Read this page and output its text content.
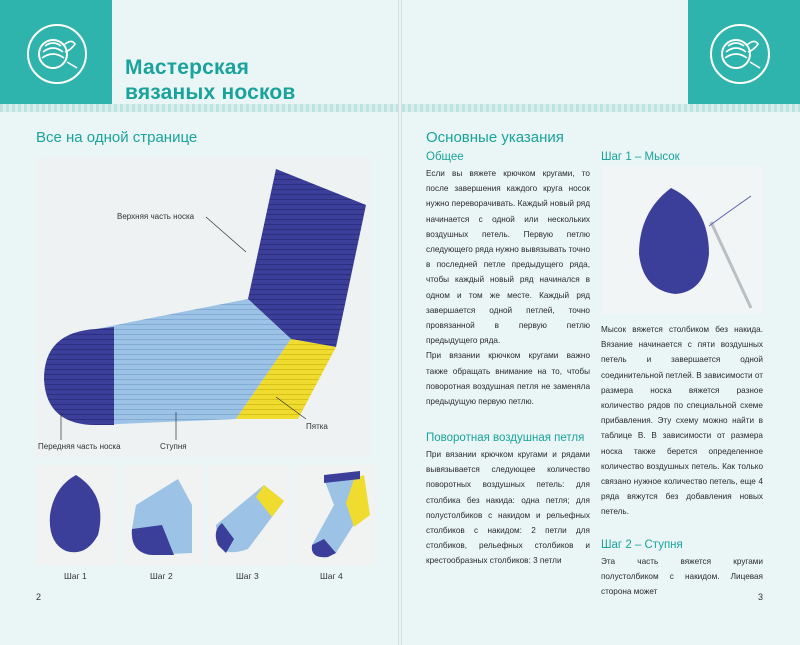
Мастерская
вязаных носков
Все на одной странице
Верхняя часть носка
Передняя часть носка	Ступня
Пятка
Шаг 1	Шаг 2	Шаг 3	Шаг 4
2
Основные указания
Общее

Если вы вяжете крючком кругами, то после завершения каждого круга носок нужно переворачивать. Каждый новый ряд начинается с одной или нескольких воздушных петель. Первую петлю следующего ряда нужно вывязывать точно в последней петле предыдущего ряда, чтобы каждый новый ряд начинался в одном и том же месте. Каждый ряд завершается одной петлей, точно провязанной в первую петлю предыдущего ряда.

При вязании крючком кругами важно также обращать внимание на то, чтобы поворотная воздушная петля не заменяла предыдущую первую петлю.

Поворотная воздушная петля
При вязании крючком кругами и рядами вывязывается следующее количество поворотных воздушных петель: для столбика без накида: одна петля; для полустолбиков с накидом и рельефных столбиков с накидом: 2 петли для столбиков, рельефных столбиков и крестообразных столбиков: 3 петли
Шаг 1 – Мысок
Мысок вяжется столбиком без накида. Вязание начинается с пяти воздушных петель и завершается одной соединительной петлей. В зависимости от размера носка вяжется разное количество рядов по специальной схеме прибавления. Эту схему можно найти в таблице В. В зависимости от размера носка также берется определенное количество воздушных петель. Как только связано нужное количество петель, еще 4 ряда вяжутся без добавления новых петель.
Шаг 2 – Ступня
Эта часть вяжется кругами полустолбиком с накидом. Лицевая сторона может
3
